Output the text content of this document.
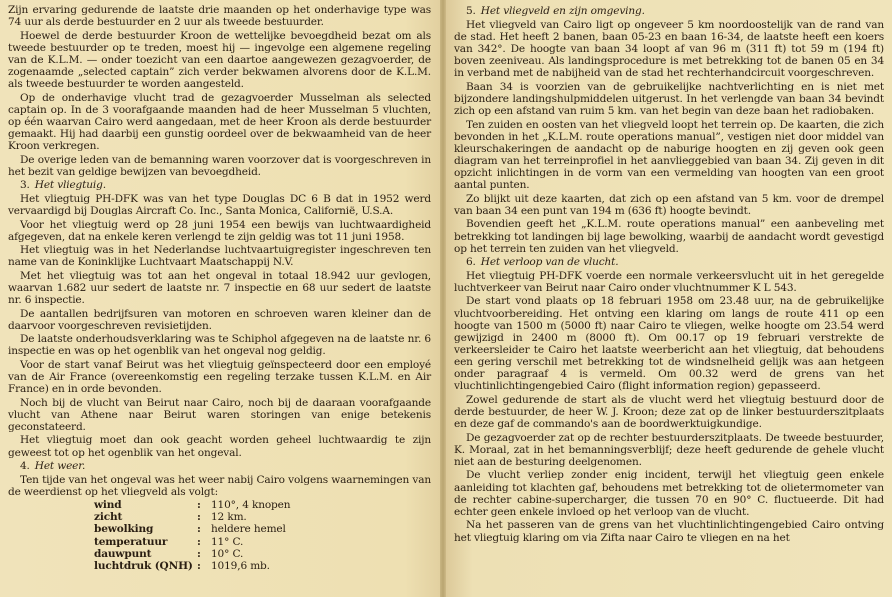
Zijn ervaring gedurende de laatste drie maanden op het onderhavige type was 74 uur als derde bestuurder en 2 uur als tweede bestuurder.

Hoewel de derde bestuurder Kroon de wettelijke bevoegdheid bezat om als tweede bestuurder op te treden, moest hij — ingevolge een algemene regeling van de K.L.M. — onder toezicht van een daartoe aangewezen gezagvoerder, de zogenaamde „selected captain” zich verder bekwamen alvorens door de K.L.M. als tweede bestuurder te worden aangesteld.

Op de onderhavige vlucht trad de gezagvoerder Musselman als selected captain op. In de 3 voorafgaande maanden had de heer Musselman 5 vluchten, op één waarvan Cairo werd aangedaan, met de heer Kroon als derde bestuurder gemaakt. Hij had daarbij een gunstig oordeel over de bekwaamheid van de heer Kroon verkregen.

De overige leden van de bemanning waren voorzover dat is voorgeschreven in het bezit van geldige bewijzen van bevoegdheid.

3. Het vliegtuig.

Het vliegtuig PH-DFK was van het type Douglas DC 6 B dat in 1952 werd vervaardigd bij Douglas Aircraft Co. Inc., Santa Monica, Californië, U.S.A.

Voor het vliegtuig werd op 28 juni 1954 een bewijs van luchtwaardigheid afgegeven, dat na enkele keren verlengd te zijn geldig was tot 11 juni 1958.

Het vliegtuig was in het Nederlandse luchtvaartuigregister ingeschreven ten name van de Koninklijke Luchtvaart Maatschappij N.V.

Met het vliegtuig was tot aan het ongeval in totaal 18.942 uur gevlogen, waarvan 1.682 uur sedert de laatste nr. 7 inspectie en 68 uur sedert de laatste nr. 6 inspectie.

De aantallen bedrijfsuren van motoren en schroeven waren kleiner dan de daarvoor voorgeschreven revisietijden.

De laatste onderhoudsverklaring was te Schiphol afgegeven na de laatste nr. 6 inspectie en was op het ogenblik van het ongeval nog geldig.

Voor de start vanaf Beirut was het vliegtuig geïnspecteerd door een employé van de Air France (overeenkomstig een regeling terzake tussen K.L.M. en Air France) en in orde bevonden.

Noch bij de vlucht van Beirut naar Cairo, noch bij de daaraan voorafgaande vlucht van Athene naar Beirut waren storingen van enige betekenis geconstateerd.

Het vliegtuig moet dan ook geacht worden geheel luchtwaardig te zijn geweest tot op het ogenblik van het ongeval.

4. Het weer.

Ten tijde van het ongeval was het weer nabij Cairo volgens waarnemingen van de weerdienst op het vliegveld als volgt:

wind	:	110°, 4 knopen
zicht	:	12 km.
bewolking	:	heldere hemel
temperatuur	:	11° C.
dauwpunt	:	10° C.
luchtdruk (QNH)	:	1019,6 mb.
5. Het vliegveld en zijn omgeving.

Het vliegveld van Cairo ligt op ongeveer 5 km noordoostelijk van de rand van de stad. Het heeft 2 banen, baan 05-23 en baan 16-34, de laatste heeft een koers van 342°. De hoogte van baan 34 loopt af van 96 m (311 ft) tot 59 m (194 ft) boven zeeniveau. Als landingsprocedure is met betrekking tot de banen 05 en 34 in verband met de nabijheid van de stad het rechterhandcircuit voorgeschreven.

Baan 34 is voorzien van de gebruikelijke nachtverlichting en is niet met bijzondere landingshulpmiddelen uitgerust. In het verlengde van baan 34 bevindt zich op een afstand van ruim 5 km. van het begin van deze baan het radiobaken.

Ten zuiden en oosten van het vliegveld loopt het terrein op. De kaarten, die zich bevonden in het „K.L.M. route operations manual”, vestigen niet door middel van kleurschakeringen de aandacht op de naburige hoogten en zij geven ook geen diagram van het terreinprofiel in het aanvlieggebied van baan 34. Zij geven in dit opzicht inlichtingen in de vorm van een vermelding van hoogten van een groot aantal punten.

Zo blijkt uit deze kaarten, dat zich op een afstand van 5 km. voor de drempel van baan 34 een punt van 194 m (636 ft) hoogte bevindt.

Bovendien geeft het „K.L.M. route operations manual” een aanbeveling met betrekking tot landingen bij lage bewolking, waarbij de aandacht wordt gevestigd op het terrein ten zuiden van het vliegveld.

6. Het verloop van de vlucht.

Het vliegtuig PH-DFK voerde een normale verkeersvlucht uit in het geregelde luchtverkeer van Beirut naar Cairo onder vluchtnummer K L 543.

De start vond plaats op 18 februari 1958 om 23.48 uur, na de gebruikelijke vluchtvoorbereiding. Het ontving een klaring om langs de route 411 op een hoogte van 1500 m (5000 ft) naar Cairo te vliegen, welke hoogte om 23.54 werd gewijzigd in 2400 m (8000 ft). Om 00.17 op 19 februari verstrekte de verkeersleider te Cairo het laatste weerbericht aan het vliegtuig, dat behoudens een gering verschil met betrekking tot de windsnelheid gelijk was aan hetgeen onder paragraaf 4 is vermeld. Om 00.32 werd de grens van het vluchtinlichtingengebied Cairo (flight information region) gepasseerd.

Zowel gedurende de start als de vlucht werd het vliegtuig bestuurd door de derde bestuurder, de heer W. J. Kroon; deze zat op de linker bestuurderszitplaats en deze gaf de commando's aan de boordwerktuigkundige.

De gezagvoerder zat op de rechter bestuurderszitplaats. De tweede bestuurder, K. Moraal, zat in het bemanningsverblijf; deze heeft gedurende de gehele vlucht niet aan de besturing deelgenomen.

De vlucht verliep zonder enig incident, terwijl het vliegtuig geen enkele aanleiding tot klachten gaf, behoudens met betrekking tot de olietermometer van de rechter cabine-supercharger, die tussen 70 en 90° C. fluctueerde. Dit had echter geen enkele invloed op het verloop van de vlucht.

Na het passeren van de grens van het vluchtinlichtingengebied Cairo ontving het vliegtuig klaring om via Zifta naar Cairo te vliegen en na het
